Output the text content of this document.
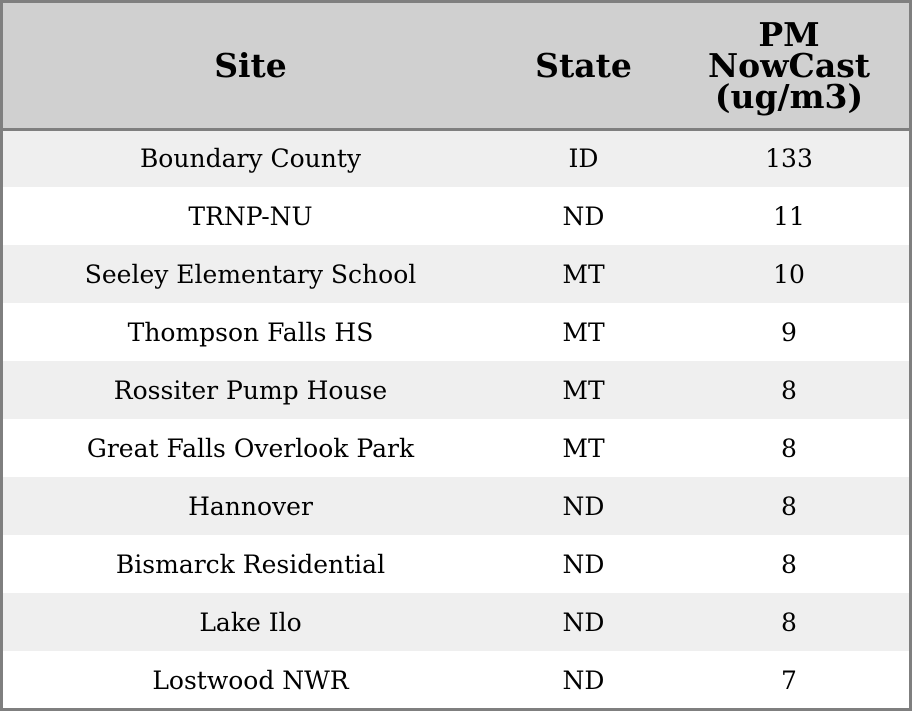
Site	State	PM
NowCast
(ug/m3)

Boundary County	ID	133
TRNP-NU	ND	11
Seeley Elementary School	MT	10
Thompson Falls HS	MT	9
Rossiter Pump House	MT	8
Great Falls Overlook Park	MT	8
Hannover	ND	8
Bismarck Residential	ND	8
Lake Ilo	ND	8
Lostwood NWR	ND	7
